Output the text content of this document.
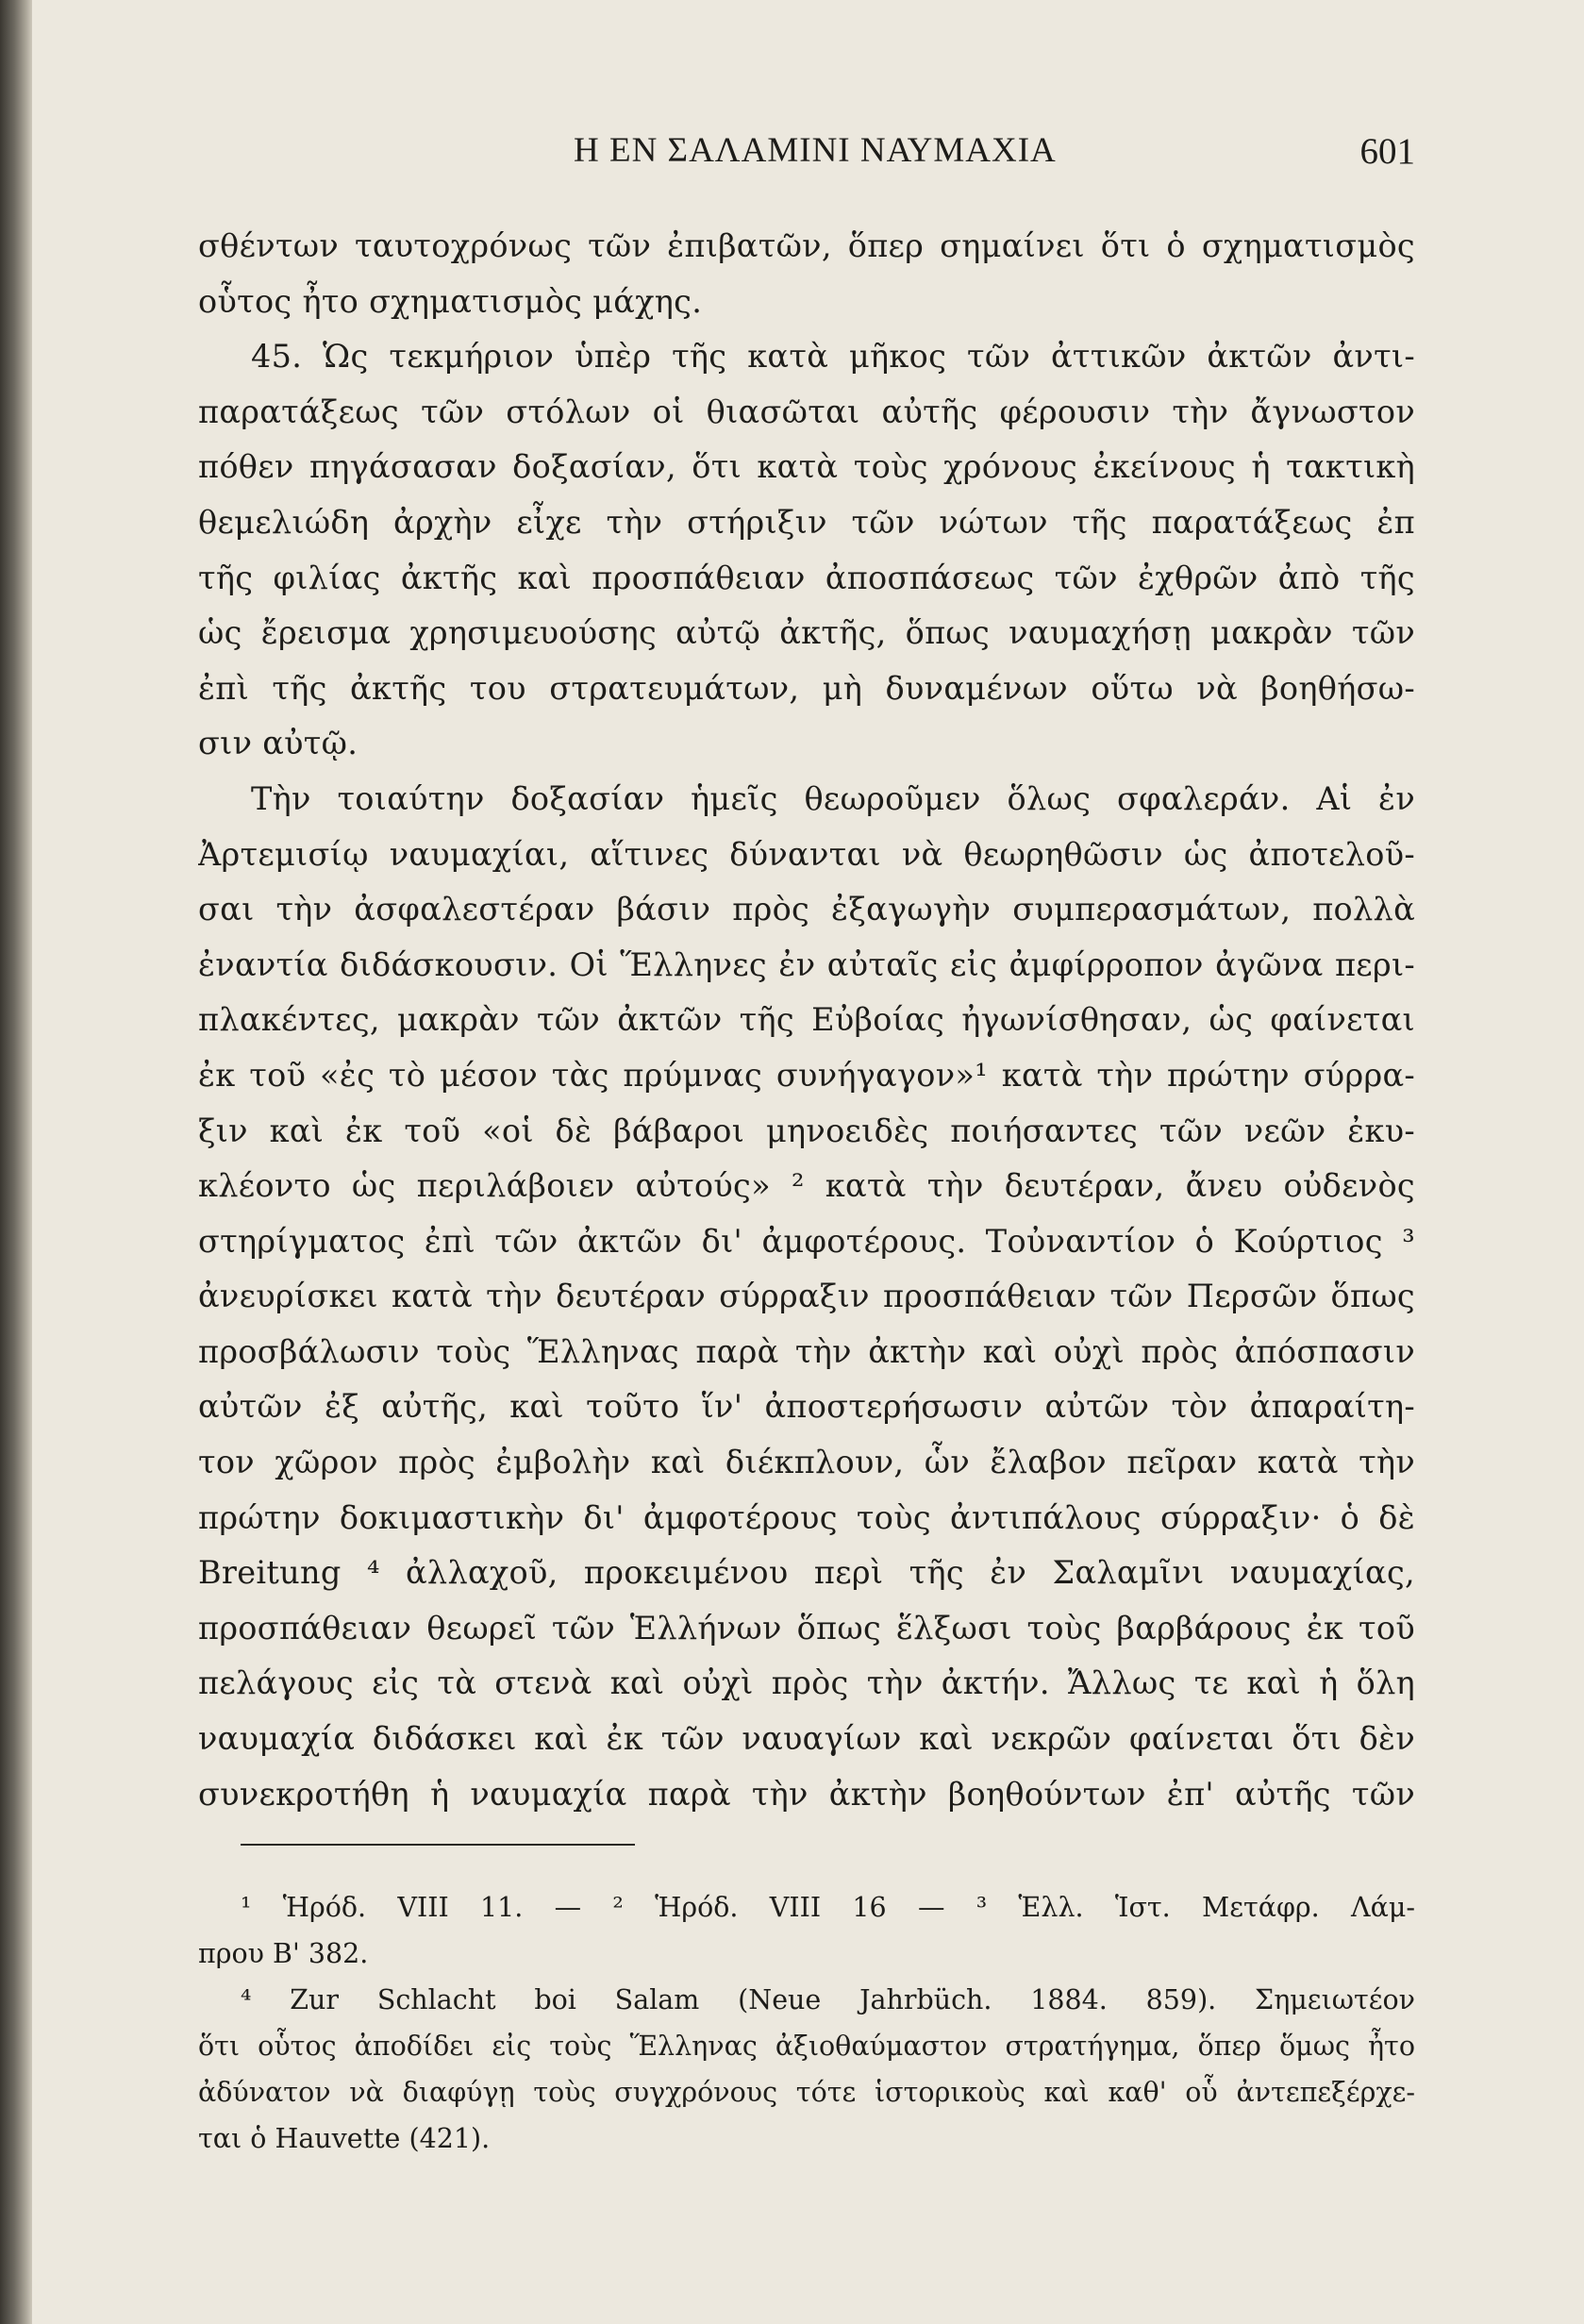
Η ΕΝ ΣΑΛΑΜΙΝΙ ΝΑΥΜΑΧΙΑ	601
σθέντων ταυτοχρόνως τῶν ἐπιβατῶν, ὅπερ σημαίνει ὅτι ὁ σχηματισμὸς
οὗτος ἦτο σχηματισμὸς μάχης.
45. Ὡς τεκμήριον ὑπὲρ τῆς κατὰ μῆκος τῶν ἀττικῶν ἀκτῶν ἀντι-
παρατάξεως τῶν στόλων οἱ θιασῶται αὐτῆς φέρουσιν τὴν ἄγνωστον
πόθεν πηγάσασαν δοξασίαν, ὅτι κατὰ τοὺς χρόνους ἐκείνους ἡ τακτικὴ
θεμελιώδη ἀρχὴν εἶχε τὴν στήριξιν τῶν νώτων τῆς παρατάξεως ἐπ
τῆς φιλίας ἀκτῆς καὶ προσπάθειαν ἀποσπάσεως τῶν ἐχθρῶν ἀπὸ τῆς
ὡς ἔρεισμα χρησιμευούσης αὐτῷ ἀκτῆς, ὅπως ναυμαχήσῃ μακρὰν τῶν
ἐπὶ τῆς ἀκτῆς του στρατευμάτων, μὴ δυναμένων οὕτω νὰ βοηθήσω-
σιν αὐτῷ.
Τὴν τοιαύτην δοξασίαν ἡμεῖς θεωροῦμεν ὅλως σφαλεράν. Αἱ ἐν
Ἀρτεμισίῳ ναυμαχίαι, αἵτινες δύνανται νὰ θεωρηθῶσιν ὡς ἀποτελοῦ-
σαι τὴν ἀσφαλεστέραν βάσιν πρὸς ἐξαγωγὴν συμπερασμάτων, πολλὰ
ἐναντία διδάσκουσιν. Οἱ Ἕλληνες ἐν αὐταῖς εἰς ἀμφίρροπον ἀγῶνα περι-
πλακέντες, μακρὰν τῶν ἀκτῶν τῆς Εὐβοίας ἠγωνίσθησαν, ὡς φαίνεται
ἐκ τοῦ «ἐς τὸ μέσον τὰς πρύμνας συνήγαγον»¹ κατὰ τὴν πρώτην σύρρα-
ξιν καὶ ἐκ τοῦ «οἱ δὲ βάβαροι μηνοειδὲς ποιήσαντες τῶν νεῶν ἐκυ-
κλέοντο ὡς περιλάβοιεν αὐτούς» ² κατὰ τὴν δευτέραν, ἄνευ οὐδενὸς
στηρίγματος ἐπὶ τῶν ἀκτῶν δι' ἀμφοτέρους. Τοὐναντίον ὁ Κούρτιος ³
ἀνευρίσκει κατὰ τὴν δευτέραν σύρραξιν προσπάθειαν τῶν Περσῶν ὅπως
προσβάλωσιν τοὺς Ἕλληνας παρὰ τὴν ἀκτὴν καὶ οὐχὶ πρὸς ἀπόσπασιν
αὐτῶν ἐξ αὐτῆς, καὶ τοῦτο ἵν' ἀποστερήσωσιν αὐτῶν τὸν ἀπαραίτη-
τον χῶρον πρὸς ἐμβολὴν καὶ διέκπλουν, ὧν ἔλαβον πεῖραν κατὰ τὴν
πρώτην δοκιμαστικὴν δι' ἀμφοτέρους τοὺς ἀντιπάλους σύρραξιν· ὁ δὲ
Breitung ⁴ ἀλλαχοῦ, προκειμένου περὶ τῆς ἐν Σαλαμῖνι ναυμαχίας,
προσπάθειαν θεωρεῖ τῶν Ἑλλήνων ὅπως ἕλξωσι τοὺς βαρβάρους ἐκ τοῦ
πελάγους εἰς τὰ στενὰ καὶ οὐχὶ πρὸς τὴν ἀκτήν. Ἄλλως τε καὶ ἡ ὅλη
ναυμαχία διδάσκει καὶ ἐκ τῶν ναυαγίων καὶ νεκρῶν φαίνεται ὅτι δὲν
συνεκροτήθη ἡ ναυμαχία παρὰ τὴν ἀκτὴν βοηθούντων ἐπ' αὐτῆς τῶν
¹ Ἡρόδ. VIII 11. — ² Ἡρόδ. VIII 16 — ³ Ἑλλ. Ἱστ. Μετάφρ. Λάμ-
πρου Β' 382.
⁴ Zur Schlacht boi Salam (Neue Jahrbüch. 1884. 859). Σημειωτέον
ὅτι οὗτος ἀποδίδει εἰς τοὺς Ἕλληνας ἀξιοθαύμαστον στρατήγημα, ὅπερ ὅμως ἦτο
ἀδύνατον νὰ διαφύγῃ τοὺς συγχρόνους τότε ἱστορικοὺς καὶ καθ' οὗ ἀντεπεξέρχε-
ται ὁ Hauvette (421).
